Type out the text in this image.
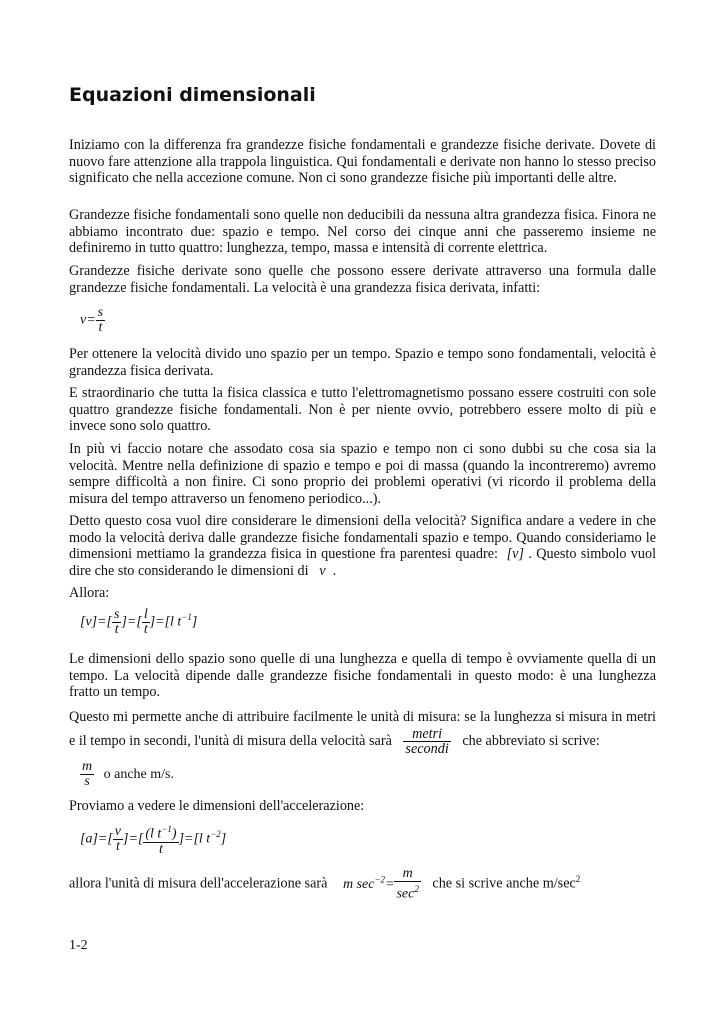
Equazioni dimensionali

Iniziamo con la differenza fra grandezze fisiche fondamentali e grandezze fisiche derivate. Dovete di nuovo fare attenzione alla trappola linguistica. Qui fondamentali e derivate non hanno lo stesso preciso significato che nella accezione comune. Non ci sono grandezze fisiche più importanti delle altre.

Grandezze fisiche fondamentali sono quelle non deducibili da nessuna altra grandezza fisica. Finora ne abbiamo incontrato due: spazio e tempo. Nel corso dei cinque anni che passeremo insieme ne definiremo in tutto quattro: lunghezza, tempo, massa e intensità di corrente elettrica.

Grandezze fisiche derivate sono quelle che possono essere derivate attraverso una formula dalle grandezze fisiche fondamentali. La velocità è una grandezza fisica derivata, infatti:

$v= \frac{s}{t}$

Per ottenere la velocità divido uno spazio per un tempo. Spazio e tempo sono fondamentali, velocità è grandezza fisica derivata.

E straordinario che tutta la fisica classica e tutto l'elettromagnetismo possano essere costruiti con sole quattro grandezze fisiche fondamentali. Non è per niente ovvio, potrebbero essere molto di più e invece sono solo quattro.

In più vi faccio notare che assodato cosa sia spazio e tempo non ci sono dubbi su che cosa sia la velocità. Mentre nella definizione di spazio e tempo e poi di massa (quando la incontreremo) avremo sempre difficoltà a non finire. Ci sono proprio dei problemi operativi (vi ricordo il problema della misura del tempo attraverso un fenomeno periodico...).

Detto questo cosa vuol dire considerare le dimensioni della velocità? Significa andare a vedere in che modo la velocità deriva dalle grandezze fisiche fondamentali spazio e tempo. Quando consideriamo le dimensioni mettiamo la grandezza fisica in questione fra parentesi quadre:  [v] . Questo simbolo vuol dire che sto considerando le dimensioni di   v  .

Allora:

$[v]=[ \frac{s}{t}$ ]=[ $\frac{l}{t} ]=[l$ $t^{-1}$]

Le dimensioni dello spazio sono quelle di una lunghezza e quella di tempo è ovviamente quella di un tempo. La velocità dipende dalle grandezze fisiche fondamentali in questo modo: è una lunghezza fratto un tempo.

Questo mi permette anche di attribuire facilmente le unità di misura: se la lunghezza si misura in metri e il tempo in secondi, l'unità di misura della velocità sarà $\frac{\text{metri}}{\text{secondi}}$ che abbreviato si scrive:

$\frac{m}{s}$ o anche m/s.

Proviamo a vedere le dimensioni dell'accelerazione:

$[a]=[ \frac{v}{t}$ ]=[ $\frac{(l t^{-1})}{t} ]=[l$ $t^{-2}$]

allora l'unità di misura dell'accelerazione sarà m $\sec^{-2}= \frac{m}{\sec^2}$ che si scrive anche $m/\sec^2$

1-2
